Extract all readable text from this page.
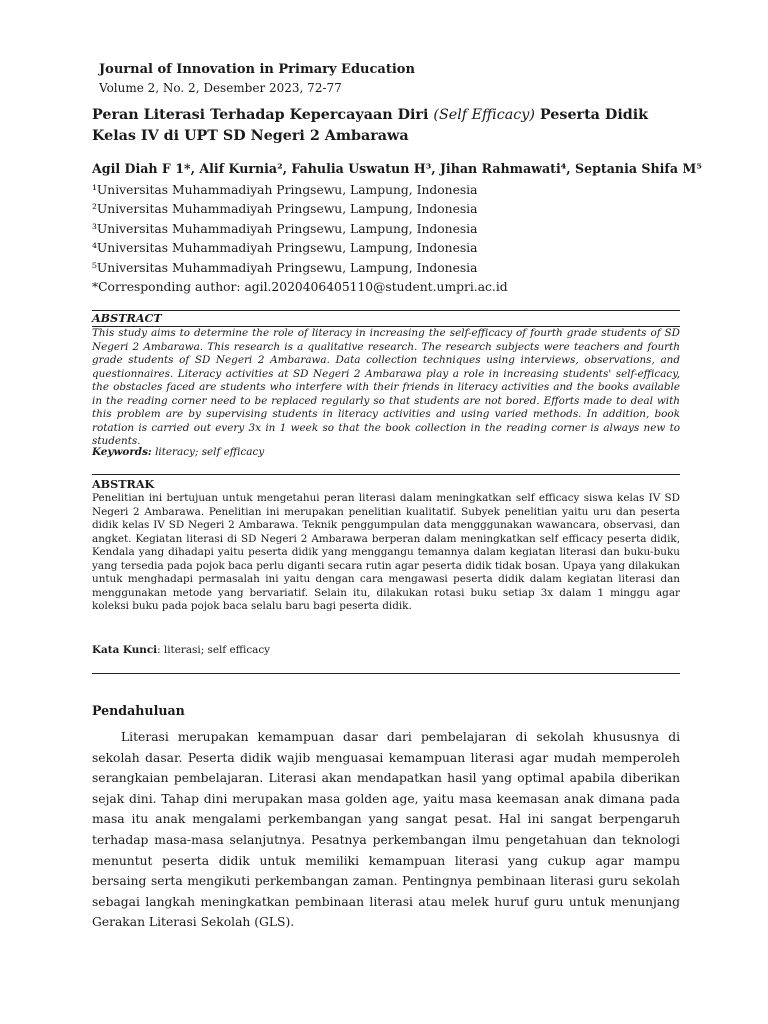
Journal of Innovation in Primary Education
Volume 2, No. 2, Desember 2023, 72-77
Peran Literasi Terhadap Kepercayaan Diri (Self Efficacy) Peserta Didik Kelas IV di UPT SD Negeri 2 Ambarawa
Agil Diah F 1*, Alif Kurnia², Fahulia Uswatun H³, Jihan Rahmawati⁴, Septania Shifa M⁵
¹Universitas Muhammadiyah Pringsewu, Lampung, Indonesia
²Universitas Muhammadiyah Pringsewu, Lampung, Indonesia
³Universitas Muhammadiyah Pringsewu, Lampung, Indonesia
⁴Universitas Muhammadiyah Pringsewu, Lampung, Indonesia
⁵Universitas Muhammadiyah Pringsewu, Lampung, Indonesia
*Corresponding author: agil.2020406405110@student.umpri.ac.id
ABSTRACT
This study aims to determine the role of literacy in increasing the self-efficacy of fourth grade students of SD Negeri 2 Ambarawa. This research is a qualitative research. The research subjects were teachers and fourth grade students of SD Negeri 2 Ambarawa. Data collection techniques using interviews, observations, and questionnaires. Literacy activities at SD Negeri 2 Ambarawa play a role in increasing students' self-efficacy, the obstacles faced are students who interfere with their friends in literacy activities and the books available in the reading corner need to be replaced regularly so that students are not bored. Efforts made to deal with this problem are by supervising students in literacy activities and using varied methods. In addition, book rotation is carried out every 3x in 1 week so that the book collection in the reading corner is always new to students.
Keywords: literacy; self efficacy
ABSTRAK
Penelitian ini bertujuan untuk mengetahui peran literasi dalam meningkatkan self efficacy siswa kelas IV SD Negeri 2 Ambarawa. Penelitian ini merupakan penelitian kualitatif. Subyek penelitian yaitu uru dan peserta didik kelas IV SD Negeri 2 Ambarawa. Teknik penggumpulan data mengggunakan wawancara, observasi, dan angket. Kegiatan literasi di SD Negeri 2 Ambarawa berperan dalam meningkatkan self efficacy peserta didik, Kendala yang dihadapi yaitu peserta didik yang menggangu temannya dalam kegiatan literasi dan buku-buku yang tersedia pada pojok baca perlu diganti secara rutin agar peserta didik tidak bosan. Upaya yang dilakukan untuk menghadapi permasalah ini yaitu dengan cara mengawasi peserta didik dalam kegiatan literasi dan menggunakan metode yang bervariatif. Selain itu, dilakukan rotasi buku setiap 3x dalam 1 minggu agar koleksi buku pada pojok baca selalu baru bagi peserta didik.
Kata Kunci: literasi; self efficacy
Pendahuluan
Literasi merupakan kemampuan dasar dari pembelajaran di sekolah khususnya di sekolah dasar. Peserta didik wajib menguasai kemampuan literasi agar mudah memperoleh serangkaian pembelajaran. Literasi akan mendapatkan hasil yang optimal apabila diberikan sejak dini. Tahap dini merupakan masa golden age, yaitu masa keemasan anak dimana pada masa itu anak mengalami perkembangan yang sangat pesat. Hal ini sangat berpengaruh terhadap masa-masa selanjutnya. Pesatnya perkembangan ilmu pengetahuan dan teknologi menuntut peserta didik untuk memiliki kemampuan literasi yang cukup agar mampu bersaing serta mengikuti perkembangan zaman. Pentingnya pembinaan literasi guru sekolah sebagai langkah meningkatkan pembinaan literasi atau melek huruf guru untuk menunjang Gerakan Literasi Sekolah (GLS).
